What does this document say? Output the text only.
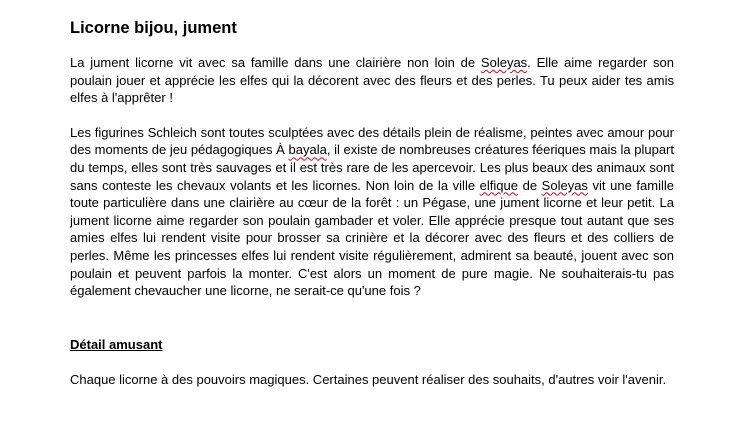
Licorne bijou, jument

La jument licorne vit avec sa famille dans une clairière non loin de Soleyas. Elle aime regarder son poulain jouer et apprécie les elfes qui la décorent avec des fleurs et des perles. Tu peux aider tes amis elfes à l'apprêter !

Les figurines Schleich sont toutes sculptées avec des détails plein de réalisme, peintes avec amour pour des moments de jeu pédagogiques À bayala, il existe de nombreuses créatures féeriques mais la plupart du temps, elles sont très sauvages et il est très rare de les apercevoir. Les plus beaux des animaux sont sans conteste les chevaux volants et les licornes. Non loin de la ville elfique de Soleyas vit une famille toute particulière dans une clairière au cœur de la forêt : un Pégase, une jument licorne et leur petit. La jument licorne aime regarder son poulain gambader et voler. Elle apprécie presque tout autant que ses amies elfes lui rendent visite pour brosser sa crinière et la décorer avec des fleurs et des colliers de perles. Même les princesses elfes lui rendent visite régulièrement, admirent sa beauté, jouent avec son poulain et peuvent parfois la monter. C'est alors un moment de pure magie. Ne souhaiterais-tu pas également chevaucher une licorne, ne serait-ce qu'une fois ?

Détail amusant

Chaque licorne à des pouvoirs magiques. Certaines peuvent réaliser des souhaits, d'autres voir l'avenir.
